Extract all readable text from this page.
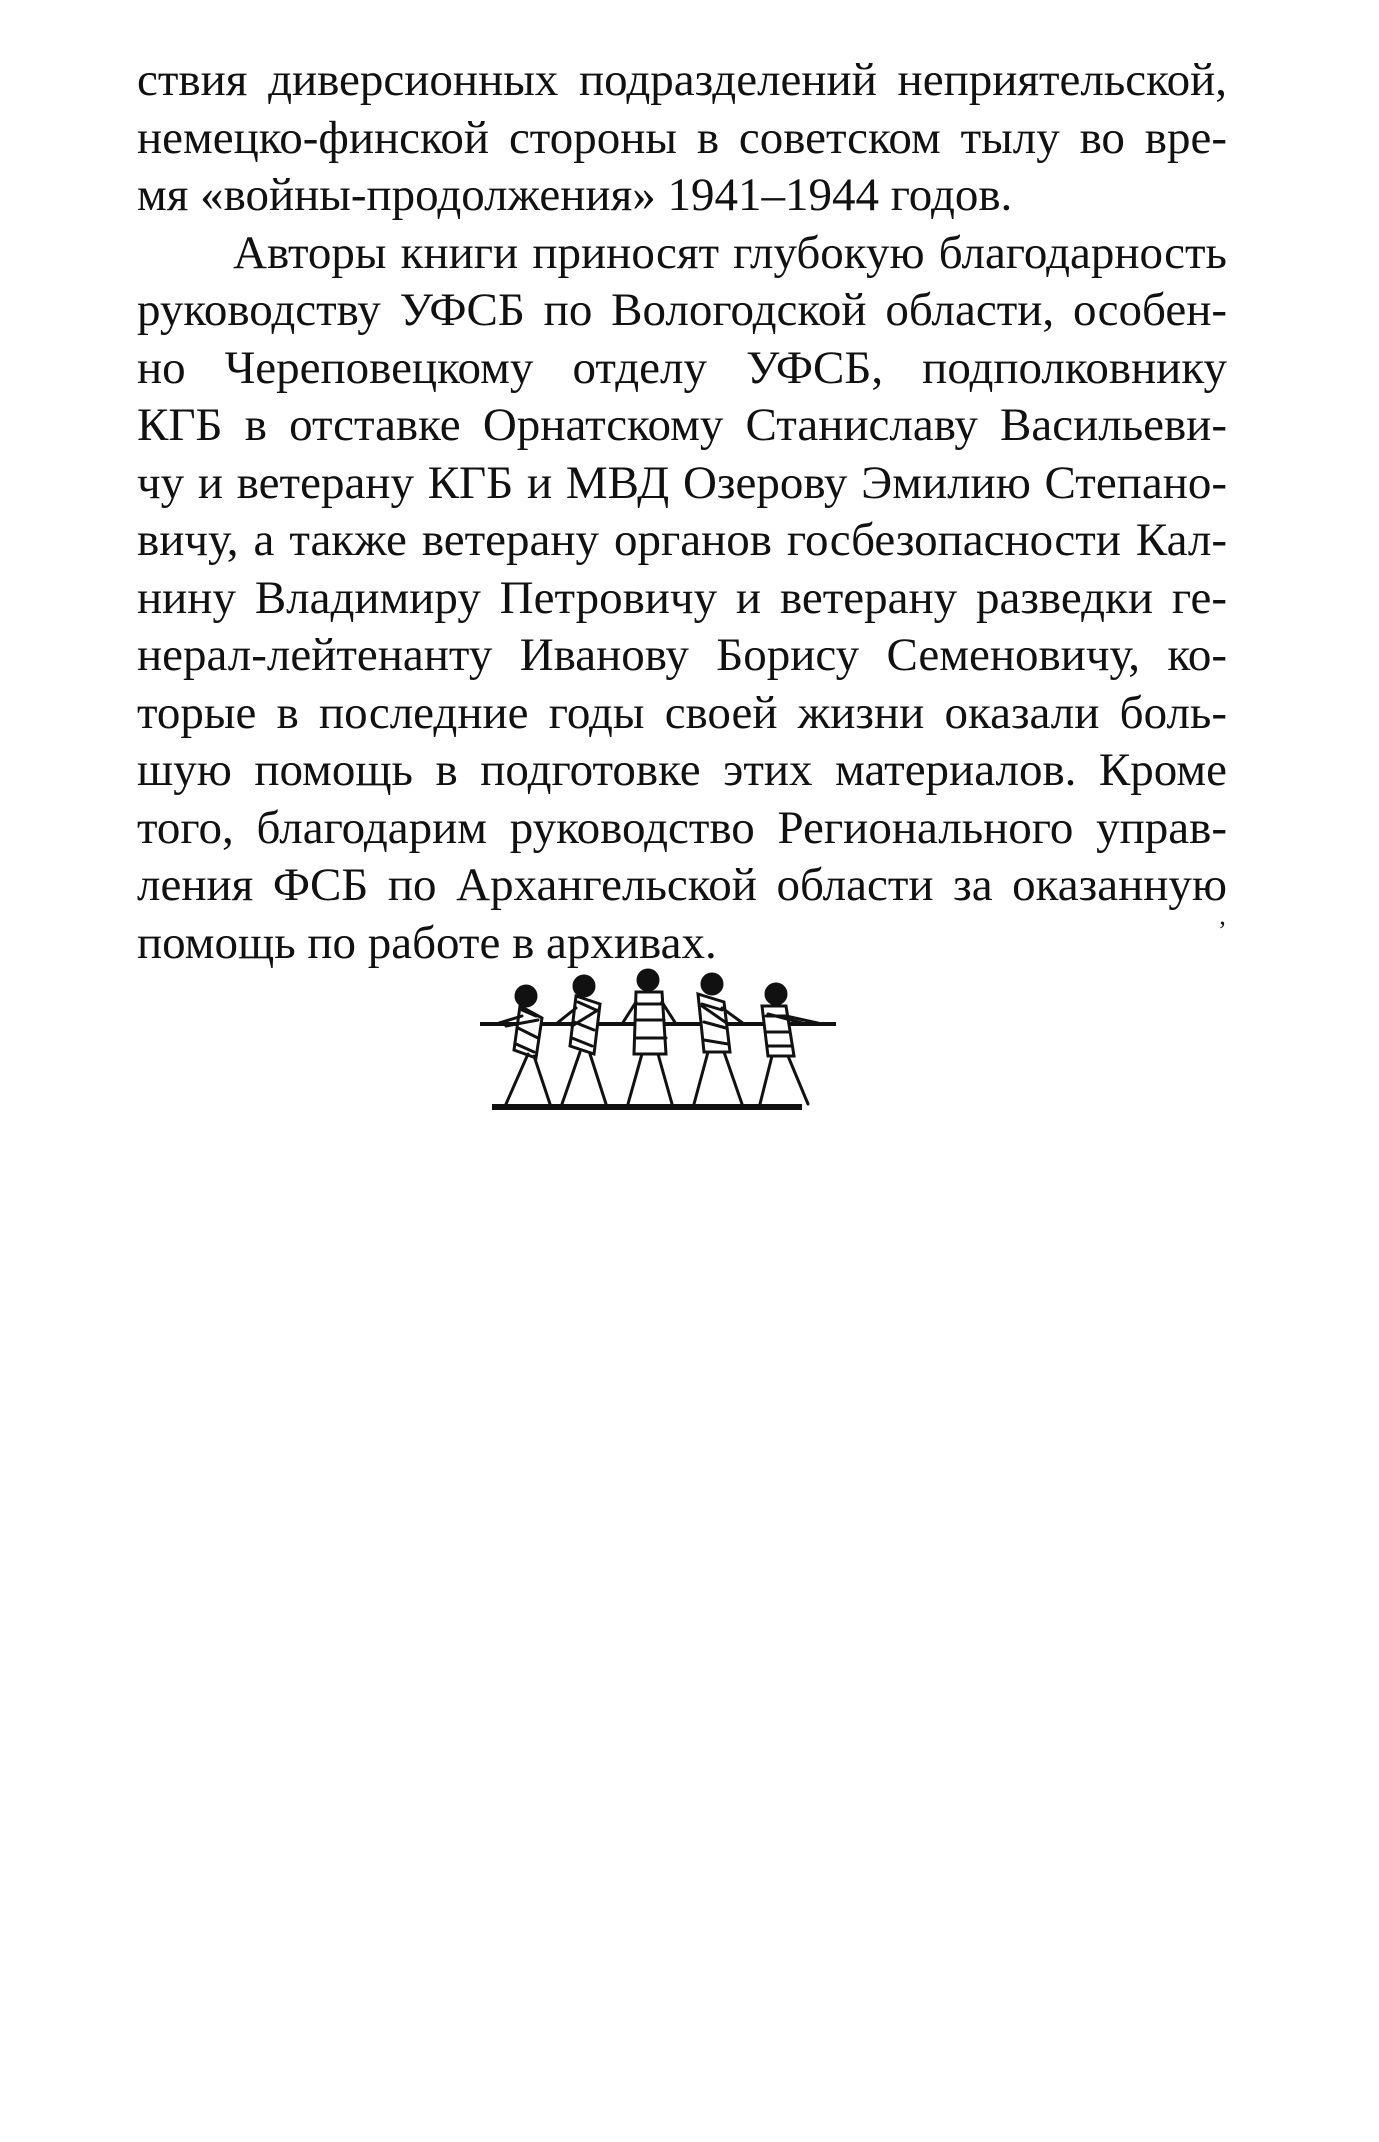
ствия диверсионных подразделений неприятельской,
немецко-финской стороны в советском тылу во вре-
мя «войны-продолжения» 1941–1944 годов.
Авторы книги приносят глубокую благодарность
руководству УФСБ по Вологодской области, особен-
но Череповецкому отделу УФСБ, подполковнику
КГБ в отставке Орнатскому Станиславу Васильеви-
чу и ветерану КГБ и МВД Озерову Эмилию Степано-
вичу, а также ветерану органов госбезопасности Кал-
нину Владимиру Петровичу и ветерану разведки ге-
нерал-лейтенанту Иванову Борису Семеновичу, ко-
торые в последние годы своей жизни оказали боль-
шую помощь в подготовке этих материалов. Кроме
того, благодарим руководство Регионального управ-
ления ФСБ по Архангельской области за оказанную
помощь по работе в архивах.	’
